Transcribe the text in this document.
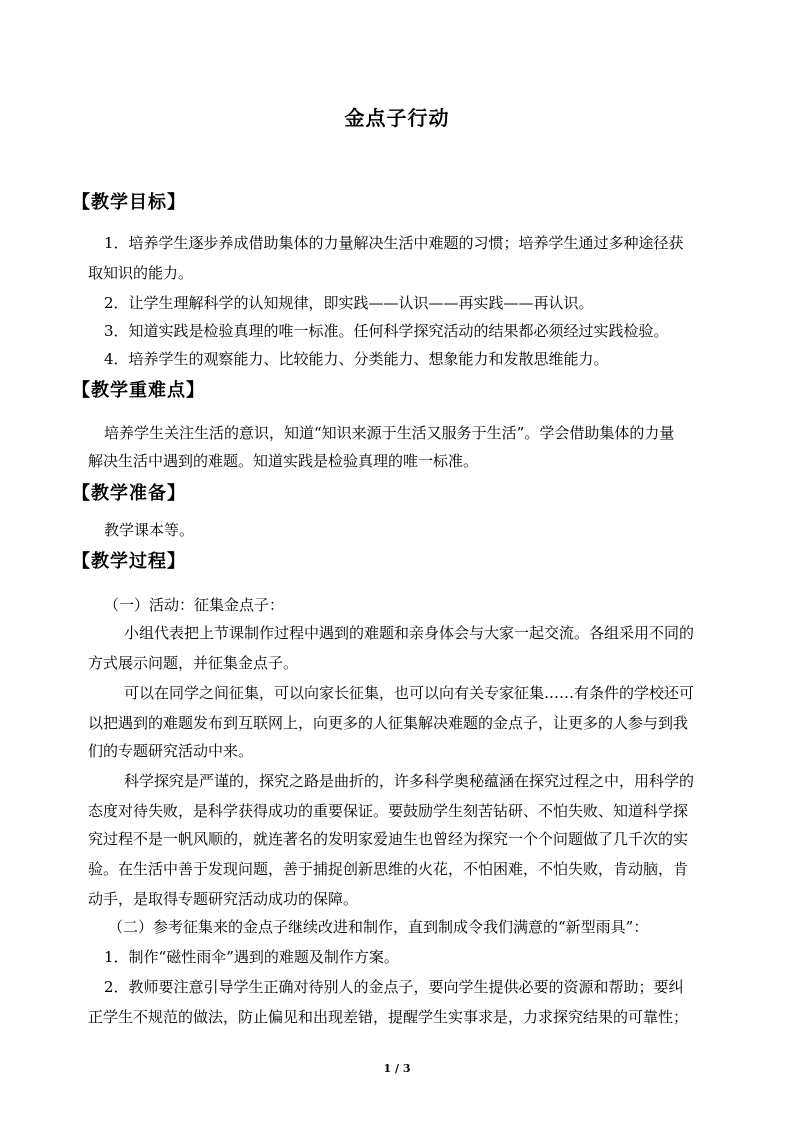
金点子行动
【教学目标】
1．培养学生逐步养成借助集体的力量解决生活中难题的习惯；培养学生通过多种途径获
取知识的能力。
2．让学生理解科学的认知规律，即实践——认识——再实践——再认识。
3．知道实践是检验真理的唯一标准。任何科学探究活动的结果都必须经过实践检验。
4．培养学生的观察能力、比较能力、分类能力、想象能力和发散思维能力。
【教学重难点】
培养学生关注生活的意识，知道“知识来源于生活又服务于生活”。学会借助集体的力量
解决生活中遇到的难题。知道实践是检验真理的唯一标准。
【教学准备】
教学课本等。
【教学过程】
（一）活动：征集金点子：
小组代表把上节课制作过程中遇到的难题和亲身体会与大家一起交流。各组采用不同的
方式展示问题，并征集金点子。
可以在同学之间征集，可以向家长征集，也可以向有关专家征集……有条件的学校还可
以把遇到的难题发布到互联网上，向更多的人征集解决难题的金点子，让更多的人参与到我
们的专题研究活动中来。
科学探究是严谨的，探究之路是曲折的，许多科学奥秘蕴涵在探究过程之中，用科学的
态度对待失败，是科学获得成功的重要保证。要鼓励学生刻苦钻研、不怕失败、知道科学探
究过程不是一帆风顺的，就连著名的发明家爱迪生也曾经为探究一个个问题做了几千次的实
验。在生活中善于发现问题，善于捕捉创新思维的火花，不怕困难，不怕失败，肯动脑，肯
动手，是取得专题研究活动成功的保障。
（二）参考征集来的金点子继续改进和制作，直到制成令我们满意的“新型雨具”：
1．制作“磁性雨伞”遇到的难题及制作方案。
2．教师要注意引导学生正确对待别人的金点子，要向学生提供必要的资源和帮助；要纠
正学生不规范的做法，防止偏见和出现差错，提醒学生实事求是，力求探究结果的可靠性；
1 / 3
